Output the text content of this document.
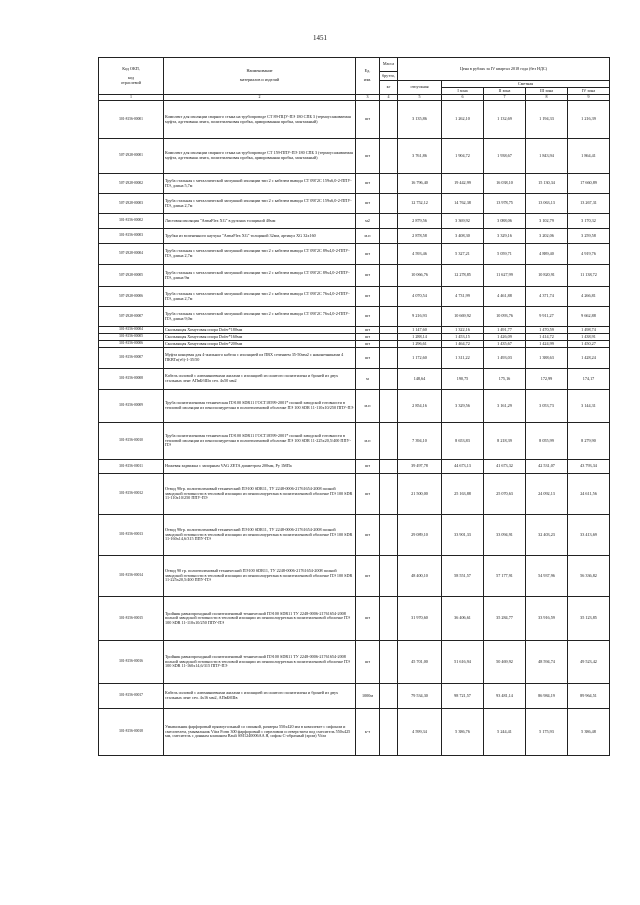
1451
Код ОКП,

код
отраслевой	Наименование

материалов и изделий	Ед.

изм.	Масса	Цена в рублях за IV квартал 2018 года (без НДС)				
			брутто,					
			кг	отпускная	Сметная			
					I зона	II зона	III зона	IV зона
1	2	3	4	5	6	7	8	9
301-8156-00001	Комплект для изоляции сварного стыка на трубопроводе СТ 89-ПЦУ-ПЭ 180 СПБ 3 (термоусаживаемая муфта, адгезивная лента, полиэтиленовая пробка, армированная пробка, монтажный)	шт		3 135,86	1 262,10	1 132,69	1 194,33	1 216,39
507-2928-00001	Комплект для изоляции сварного стыка на трубопроводе СТ 159-ППУ-ПЭ 180 СПБ 3 (термоусаживаемая муфта, адгезивная лента, полиэтиленовая пробка, армированная пробка, монтажный)	шт		3 761,86	1 904,72	1 938,67	1 843,94	1 864,41
507-2928-00002	Труба стальная с металлической заглушкой изоляции тип 2 с кабелем вывода СТ 09Г2С 159х6,0-2-ППУ-ПЭ, длина 5,7м	шт		16 796,40	19 442,99	16 038,10	15 130,34	17 660,89
507-2928-00003	Труба стальная с металлической заглушкой изоляции тип 2 с кабелем вывода СТ 09Г2С 159х6,0-2-ППУ-ПЭ, длина 2,7м	шт		12 752,12	14 762,38	13 978,75	13 063,13	13 267,31
301-8156-00002	Листовая изоляция "ArmaFlex XG" в рулонах толщиной 40мм	м2		2 879,56	3 369,92	3 088,06	3 102,79	3 170,32
301-8156-00003	Трубки из вспененного каучука "ArmaFlex XG" толщиной 32мм, артикул XG 32х160	м.п		2 878,58	3 408,30	3 329,16	3 202,06	3 259,58
507-2928-00004	Труба стальная с металлической заглушкой изоляции тип 2 с кабелем вывода СТ 09Г2С 89х4,0-2-ППУ-ПЭ, длина 2,7м	шт		4 593,46	5 327,21	5 059,71	4 889,40	4 919,76
507-2928-00005	Труба стальная с металлической заглушкой изоляции тип 2 с кабелем вывода СТ 09Г2С 89х4,0-2-ППУ-ПЭ, длина 9м	шт		10 066,76	12 278,85	11 627,99	10 820,91	11 138,72
507-2928-00006	Труба стальная с металлической заглушкой изоляции тип 2 с кабелем вывода СТ 09Г2С 76х4,0-2-ППУ-ПЭ, длина 2,7м	шт		4 070,54	4 731,99	4 461,88	4 371,74	4 266,81
507-2928-00007	Труба стальная с металлической заглушкой изоляции тип 2 с кабелем вывода СТ 09Г2С 76х4,0-2-ППУ-ПЭ, длина 9,0м	шт		9 216,93	10 669,92	10 093,76	9 911,27	9 662,88
301-8156-00004	Скользящая Хомутовая опора Dofer*180мм	шт		1 147,60	1 322,16	1 491,77	1 470,59	1 498,74
301-8156-00005	Скользящая Хомутовая опора Dofer*160мм	шт		1 288,14	1 453,15	1 426,09	1 414,72	1 438,91
301-8156-00006	Скользящая Хомутовая опора Dofer*200мм	шт		1 296,61	1 464,72	1 435,67	1 424,99	1 450,27
301-8156-00007	Муфта концевая для 4-жильного кабеля с изоляцией из ПВХ сечением 35-50мм2 с наконечниками 4 ПКВТп(тб)-1-35/50	шт		1 172,60	1 311,22	1 493,03	1 388,63	1 428,24
301-8156-00008	Кабель силовой с алюминиевыми жилами с изоляцией из сшитого полиэтилена и броней из двух стальных лент АПвБбШп сеч. 4х50 мм2	м		148,64	190,75	175,16	172,99	174,17
301-8156-00009	Труба полиэтиленовая техническая ПЭ100 SDR11 ГОСТ18599-2001* полной заводской готовности в тепловой изоляции из пенополиуретана в полиэтиленовой оболочке ПЭ 100 SDR 11-110х10/250 ППУ-ПЭ	м.п		2 854,16	3 329,56	3 161,29	3 053,73	3 144,31
301-8156-00010	Труба полиэтиленовая техническая ПЭ100 SDR11 ГОСТ18599-2001* полной заводской готовности в тепловой изоляции из пенополиуретана в полиэтиленовой оболочке ПЭ 100 SDR 11-225х20,5/400 ППУ-ПЭ	м.п		7 394,10	8 653,83	8 218,39	8 055,99	8 279,90
301-8156-00011	Ножевая задвижка с запорным VAG ZETA диаметром 200мм, Ру 1МПа	шт		39 497,78	44 673,13	41 673,32	42 531,07	43 793,34
301-8156-00012	Отвод 90гр. полиэтиленовый технический ПЭ100 SDR11, ТУ 2248-0006-21761654-2008 полной заводской готовности в тепловой изоляции из пенополиуретана в полиэтиленовой оболочке ПЭ 100 SDR 11-110х10/250 ППУ-ПЭ	шт		21 500,00	25 163,88	25 070,63	24 092,13	24 611,56
301-8156-00013	Отвод 90гр. полиэтиленовый технический ПЭ100 SDR11, ТУ 2248-0006-21761654-2008 полной заводской готовности в тепловой изоляции из пенополиуретана в полиэтиленовой оболочке ПЭ 100 SDR 11-160х14,6/315 ППУ-ПЭ	шт		29 089,10	33 901,33	33 094,91	32 403,23	33 413,69
301-8156-00014	Отвод 90 гр. полиэтиленовый технический ПЭ100 SDR11, ТУ 2248-0006-21761654-2008 полной заводской готовности в тепловой изоляции из пенополиуретана в полиэтиленовой оболочке ПЭ 100 SDR 11-225х20,5/400 ППУ-ПЭ	шт		48 400,10	58 551,57	57 177,91	54 937,96	56 336,82
301-8156-00015	Тройник равнопроходный полиэтиленовый технический ПЭ100 SDR11 ТУ 2248-0006-21761654-2008 полной заводской готовности в тепловой изоляции из пенополиуретана в полиэтиленовой оболочке ПЭ 100 SDR 11-110х10/250 ППУ-ПЭ	шт		31 970,60	36 406,61	35 284,77	33 916,59	35 123,85
301-8156-00016	Тройник равнопроходный полиэтиленовый технический ПЭ100 SDR11 ТУ 2248-0006-21761654-2008 полной заводской готовности в тепловой изоляции из пенополиуретана в полиэтиленовой оболочке ПЭ 100 SDR 11-160х14,6/315 ППУ-ПЭ	шт		45 701,00	51 616,94	50 469,92	48 594,74	49 523,42
301-8156-00017	Кабель силовой с алюминиевыми жилами с изоляцией из сшитого полиэтилена и броней из двух стальных лент сеч. 4х16 мм2, АПвБбШв	1000м		79 534,30	98 721,57	93 481,14	86 984,19	89 964,51
301-8156-00018	Умывальник фарфоровый прямоугольный со спинкой, размеры 550х420 мм в комплекте с сифоном и смесителем, умывальник Vitra Form 300 фарфоровый с переливом и отверстием под смеситель 550х425 мм, смеситель с донным клапаном Bauli SM1240006AA Я, сифон С-образный (хром) Vitra	к-т		4 599,34	5 386,76	5 244,41	5 175,93	5 386,48
